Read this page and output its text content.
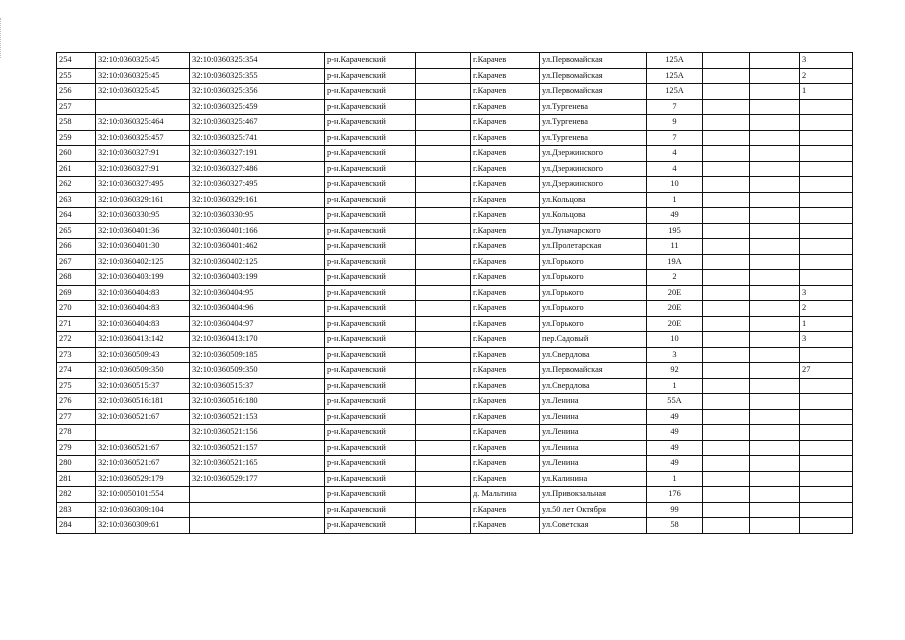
254	32:10:0360325:45	32:10:0360325:354	р-н.Карачевский		г.Карачев	ул.Первомайская	125А			3
255	32:10:0360325:45	32:10:0360325:355	р-н.Карачевский		г.Карачев	ул.Первомайская	125А			2
256	32:10:0360325:45	32:10:0360325:356	р-н.Карачевский		г.Карачев	ул.Первомайская	125А			1
257		32:10:0360325:459	р-н.Карачевский		г.Карачев	ул.Тургенева	7			
258	32:10:0360325:464	32:10:0360325:467	р-н.Карачевский		г.Карачев	ул.Тургенева	9			
259	32:10:0360325:457	32:10:0360325:741	р-н.Карачевский		г.Карачев	ул.Тургенева	7			
260	32:10:0360327:91	32:10:0360327:191	р-н.Карачевский		г.Карачев	ул.Дзержинского	4			
261	32:10:0360327:91	32:10:0360327:486	р-н.Карачевский		г.Карачев	ул.Дзержинского	4			
262	32:10:0360327:495	32:10:0360327:495	р-н.Карачевский		г.Карачев	ул.Дзержинского	10			
263	32:10:0360329:161	32:10:0360329:161	р-н.Карачевский		г.Карачев	ул.Кольцова	1			
264	32:10:0360330:95	32:10:0360330:95	р-н.Карачевский		г.Карачев	ул.Кольцова	49			
265	32:10:0360401:36	32:10:0360401:166	р-н.Карачевский		г.Карачев	ул.Луначарского	195			
266	32:10:0360401:30	32:10:0360401:462	р-н.Карачевский		г.Карачев	ул.Пролетарская	11			
267	32:10:0360402:125	32:10:0360402:125	р-н.Карачевский		г.Карачев	ул.Горького	19А			
268	32:10:0360403:199	32:10:0360403:199	р-н.Карачевский		г.Карачев	ул.Горького	2			
269	32:10:0360404:83	32:10:0360404:95	р-н.Карачевский		г.Карачев	ул.Горького	20Е			3
270	32:10:0360404:83	32:10:0360404:96	р-н.Карачевский		г.Карачев	ул.Горького	20Е			2
271	32:10:0360404:83	32:10:0360404:97	р-н.Карачевский		г.Карачев	ул.Горького	20Е			1
272	32:10:0360413:142	32:10:0360413:170	р-н.Карачевский		г.Карачев	пер.Садовый	10			3
273	32:10:0360509:43	32:10:0360509:185	р-н.Карачевский		г.Карачев	ул.Свердлова	3			
274	32:10:0360509:350	32:10:0360509:350	р-н.Карачевский		г.Карачев	ул.Первомайская	92			27
275	32:10:0360515:37	32:10:0360515:37	р-н.Карачевский		г.Карачев	ул.Свердлова	1			
276	32:10:0360516:181	32:10:0360516:180	р-н.Карачевский		г.Карачев	ул.Ленина	55А			
277	32:10:0360521:67	32:10:0360521:153	р-н.Карачевский		г.Карачев	ул.Ленина	49			
278		32:10:0360521:156	р-н.Карачевский		г.Карачев	ул.Ленина	49			
279	32:10:0360521:67	32:10:0360521:157	р-н.Карачевский		г.Карачев	ул.Ленина	49			
280	32:10:0360521:67	32:10:0360521:165	р-н.Карачевский		г.Карачев	ул.Ленина	49			
281	32:10:0360529:179	32:10:0360529:177	р-н.Карачевский		г.Карачев	ул.Калинина	1			
282	32:10:0050101:554		р-н.Карачевский		д. Мальтина	ул.Привокзальная	176			
283	32:10:0360309:104		р-н.Карачевский		г.Карачев	ул.50 лет Октября	99			
284	32:10:0360309:61		р-н.Карачевский		г.Карачев	ул.Советская	58			
